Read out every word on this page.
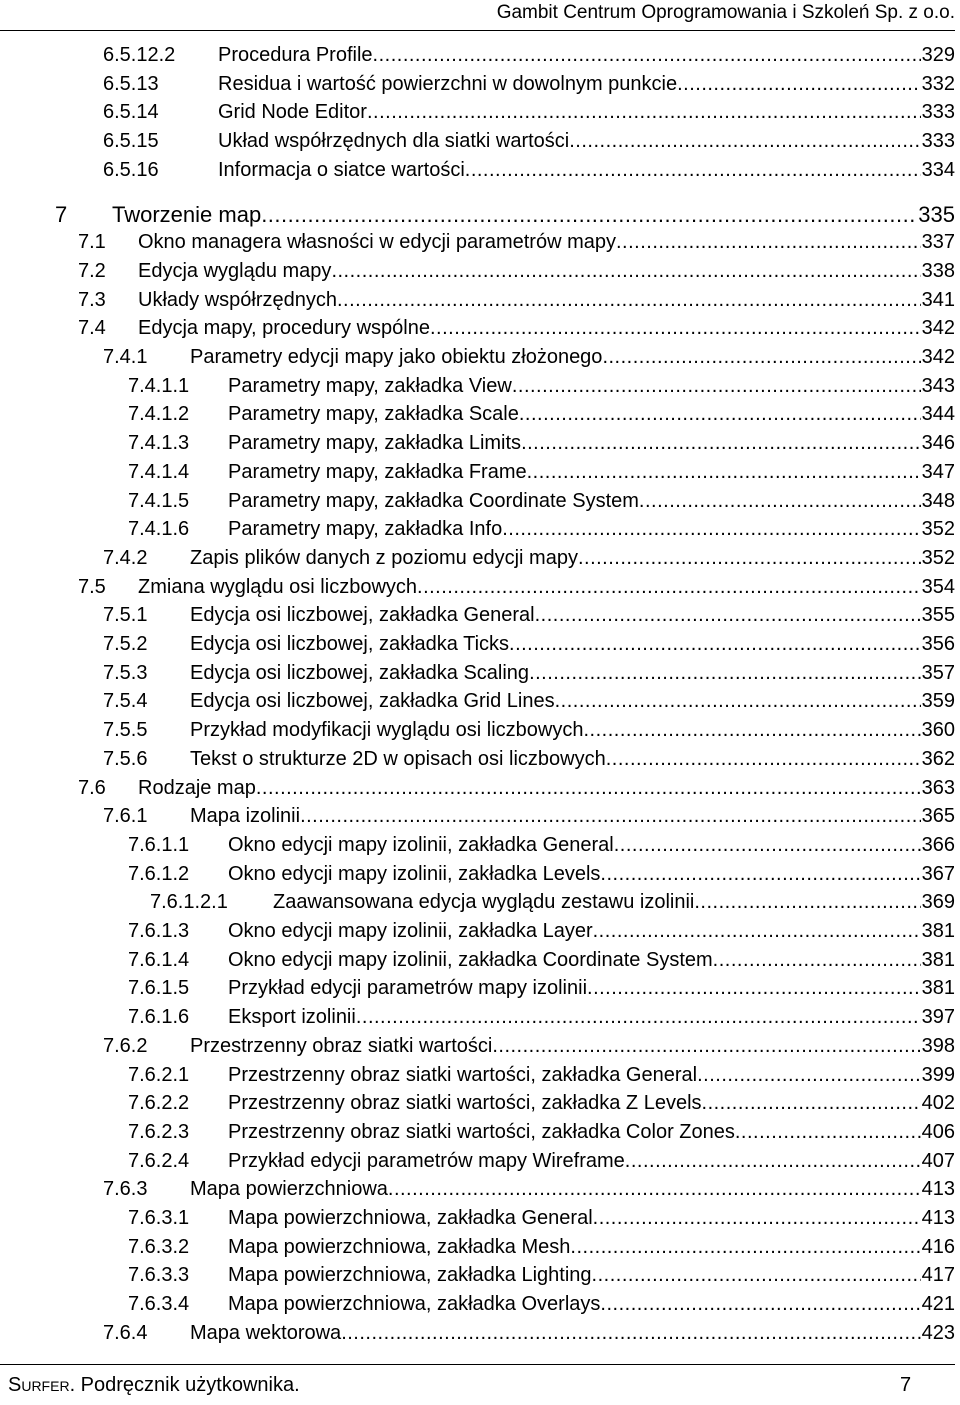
Gambit Centrum Oprogramowania i Szkoleń Sp. z o.o.
6.5.12.2 Procedura Profile .....	329
6.5.13	Residua i wartość powierzchni w dowolnym punkcie .....	332
6.5.14	Grid Node Editor .....	333
6.5.15	Układ współrzędnych dla siatki wartości .....	333
6.5.16	Informacja o siatce wartości .....	334
7 Tworzenie map .....	335
7.1 Okno managera własności w edycji parametrów mapy .....	337
7.2 Edycja wyglądu mapy .....	338
7.3 Układy współrzędnych .....	341
7.4 Edycja mapy, procedury wspólne .....	342
7.4.1 Parametry edycji mapy jako obiektu złożonego .....	342
7.4.1.1 Parametry mapy, zakładka View .....	343
7.4.1.2 Parametry mapy, zakładka Scale .....	344
7.4.1.3 Parametry mapy, zakładka Limits .....	346
7.4.1.4 Parametry mapy, zakładka Frame .....	347
7.4.1.5 Parametry mapy, zakładka Coordinate System .....	348
7.4.1.6 Parametry mapy, zakładka Info .....	352
7.4.2 Zapis plików danych z poziomu edycji mapy .....	352
7.5 Zmiana wyglądu osi liczbowych .....	354
7.5.1 Edycja osi liczbowej, zakładka General .....	355
7.5.2 Edycja osi liczbowej, zakładka Ticks .....	356
7.5.3 Edycja osi liczbowej, zakładka Scaling .....	357
7.5.4 Edycja osi liczbowej, zakładka Grid Lines .....	359
7.5.5 Przykład modyfikacji wyglądu osi liczbowych .....	360
7.5.6 Tekst o strukturze 2D w opisach osi liczbowych .....	362
7.6 Rodzaje map .....	363
7.6.1 Mapa izolinii .....	365
7.6.1.1 Okno edycji mapy izolinii, zakładka General .....	366
7.6.1.2 Okno edycji mapy izolinii, zakładka Levels .....	367
7.6.1.2.1 Zaawansowana edycja wyglądu zestawu izolinii .....	369
7.6.1.3 Okno edycji mapy izolinii, zakładka Layer .....	381
7.6.1.4 Okno edycji mapy izolinii, zakładka Coordinate System .....	381
7.6.1.5 Przykład edycji parametrów mapy izolinii .....	381
7.6.1.6 Eksport izolinii .....	397
7.6.2 Przestrzenny obraz siatki wartości .....	398
7.6.2.1 Przestrzenny obraz siatki wartości, zakładka General .....	399
7.6.2.2 Przestrzenny obraz siatki wartości, zakładka Z Levels .....	402
7.6.2.3 Przestrzenny obraz siatki wartości, zakładka Color Zones .....	406
7.6.2.4 Przykład edycji parametrów mapy Wireframe .....	407
7.6.3 Mapa powierzchniowa .....	413
7.6.3.1 Mapa powierzchniowa, zakładka General .....	413
7.6.3.2 Mapa powierzchniowa, zakładka Mesh .....	416
7.6.3.3 Mapa powierzchniowa, zakładka Lighting .....	417
7.6.3.4 Mapa powierzchniowa, zakładka Overlays .....	421
7.6.4 Mapa wektorowa .....	423
Surfer. Podręcznik użytkownika.	7
